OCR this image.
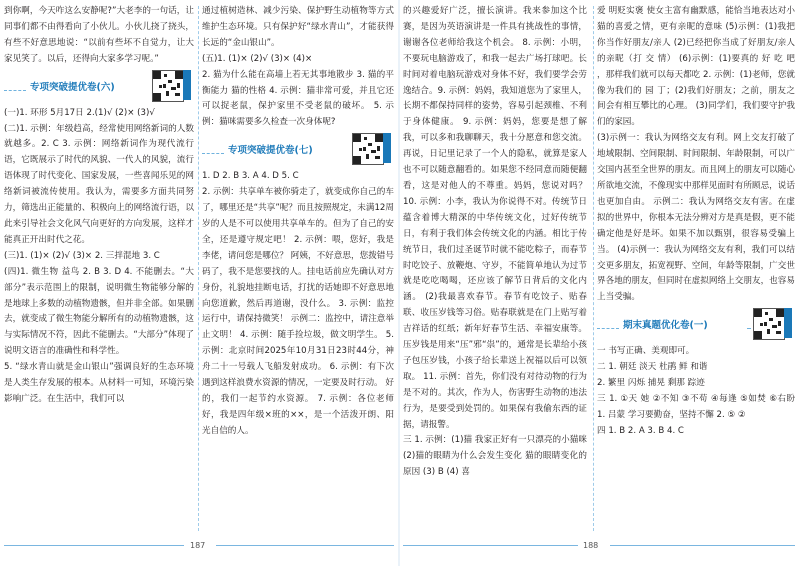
到你啊，今天咋这么安静呢?”大老李的一句话，让同事们都不由得看向了小伙儿。小伙儿挠了挠头，有些不好意思地说：“以前有些坏不自觉力，让大家见笑了。以后，还得向大家多学习呢。”

专项突破提优卷(六)

(一)1. 环形 5月17日 2.(1)√ (2)× (3)√

(二)1. 示例：年级趋高，经常使用网络新词的人数就越多。2. C 3. 示例：网络新词作为现代流行语，它既展示了时代的风貌、一代人的风貌，流行语体现了时代变化、国家发展，一些喜闻乐见的网络新词被流传使用。我认为，需要多方面共同努力，筛选出正能量的、积极向上的网络流行语，以此来引导社会文化风气向更好的方向发展，这样才能真正开出时代之花。

(三)1. (1)× (2)√ (3)× 2. 三拌混地 3. C

(四)1. 微生物 益鸟 2. B 3. D 4. 不能删去。“大部分”表示范围上的限制，说明微生物能够分解的是地球上多数的动植物遗骸，但并非全部。如果删去，就变成了微生物能分解所有的动植物遗骸，这与实际情况不符，因此不能删去。“大部分”体现了说明文语言的准确性和科学性。

5. “绿水青山就是金山银山”强调良好的生态环境是人类生存发展的根本。从材料一可知，环境污染影响广泛。在生活中，我们可以

通过植树造林、减少污染、保护野生动植物等方式维护生态环境。只有保护好“绿水青山”，才能获得长远的“金山银山”。

(五)1. (1)× (2)√ (3)× (4)×

2. 猫为什么能在高墙上若无其事地散步 3. 猫的平衡能力 猫的性格 4. 示例：猫非常可爱，并且它还可以捉老鼠，保护家里不受老鼠的破坏。 5. 示例：猫咪需要多久检查一次身体呢?

专项突破提优卷(七)

1. D 2. B 3. A 4. D 5. C

2. 示例：共享单车被你骑走了，就变成你自己的车了，哪里还是“共享”呢？而且按照规定，未满12周岁的人是不可以使用共享单车的。但为了自己的安全，还是遵守规定吧！ 2. 示例：喂，您好，我是李佬，请问您是哪位？ 阿姨，不好意思，您拨错号码了，我不是您要找的人。挂电话前应先确认对方身份，礼貌地挂断电话，打扰的话她即不好意思地向您道歉，然后再道谢，没什么。 3. 示例：监控运行中，请保持微笑！ 示例二：监控中，请注意举止文明！ 4. 示例：随手捡垃圾，做文明学生。 5. 示例：北京时间2025年10月31日23时44分，神舟二十一号载人飞船发射成功。 6. 示例：有下次遇到这样浪费水资源的情况，一定要及时行动。 好的，我们一起节约水资源。 7. 示例：各位老师好，我是四年级×班的××，是一个活泼开朗、阳光自信的人。

的兴趣爱好广泛，擅长演讲。我来参加这个比赛，是因为英语演讲是一件具有挑战性的事情，谢谢各位老师给我这个机会。 8. 示例：小明，不要玩电脑游戏了，和我一起去广场打球吧。长时间对着电脑玩游戏对身体不好，我们要学会劳逸结合。9. 示例：妈妈，我知道您为了家里人，长期不都保持同样的姿势，容易引起颈椎、不利于身体健康。 9. 示例：妈妈，您要是想了解我，可以多和我聊聊天，我十分愿意和您交流。再说，日记里记录了一个人的隐私，就算是家人也不可以随意翻看的。如果您不经同意而随便翻看，这是对他人的不尊重。妈妈，您说对吗？ 10. 示例：小李，我认为你说得不对。传统节日蕴含着博大精深的中华传统文化，过好传统节日，有利于我们体会传统文化的内涵。相比于传统节日，我们过圣诞节时就不能吃粽子，而春节时吃饺子、放鞭炮、守岁，不能简单地认为过节就是吃吃喝喝，还应该了解节日背后的文化内涵。 (2)我最喜欢春节。春节有吃饺子、贴春联、收压岁钱等习俗。贴春联就是在门上贴写着吉祥话的红纸；新年好春节生活、幸福安康等。压岁钱是用来“压”邪“祟”的，通常是长辈给小孩子包压岁钱，小孩子给长辈送上祝福以后可以领取。 11. 示例：首先，你们没有对待动物的行为是不对的。其次，作为人，伤害野生动物的违法行为，是要受到处罚的。如果保有我偷东西的证据，请报警。

三 1. 示例：(1)猫 我家正好有一只漂亮的小猫咪 (2)猫的眼睛为什么会发生变化 猫的眼睛变化的原因 (3) B (4) 喜

爱 明贬实褒 使女主富有幽默感，能恰当地表达对小猫的喜爱之情，更有亲昵的意味 (5)示例：(1)我把你当作好朋友/亲人 (2)已经把你当成了好朋友/亲人的亲昵（打 交 情） (6)示例：(1)要真的 好 吃 吧 ，那样我们就可以每天都吃 2. 示例：(1)老师，您就像为我们的 园 丁；(2)我们好朋友；之前，朋友之间会有相互攀比的心理。 (3)同学们，我们要守护我们的家园。

(3)示例一：我认为网络交友有利。网上交友打破了地域限制、空间限制、时间限制、年龄限制，可以广交国内甚至全世界的朋友。而且网上的朋友可以随心所欲地交流，不像现实中那样见面时有所顾忌，说话也更加自由。 示例二：我认为网络交友有害。在虚拟的世界中，你根本无法分辨对方是真是假，更不能确定他是好是坏。如果不加以甄别，很容易受骗上当。 (4)示例一：我认为网络交友有利，我们可以结交更多朋友，拓宽视野、空间，年龄等限制，广交世界各地的朋友，但同时在虚拟网络上交朋友，也容易上当受骗。

期末真题优化卷(一)

一 书写正确、美观即可。

二 1. 朝廷 淡天 杜鹃 鲜 和谐

2. 繁里 闪烁 捕晃 剩那 踪迹

三 1. ①天 她 ②不知 ③不苟 ④每逢 ⑤如焚 ⑥右盼 1. 吕蒙 学习要勤奋，坚持不懈 2. ⑤ ②

四 1. B 2. A 3. B 4. C

187	188
